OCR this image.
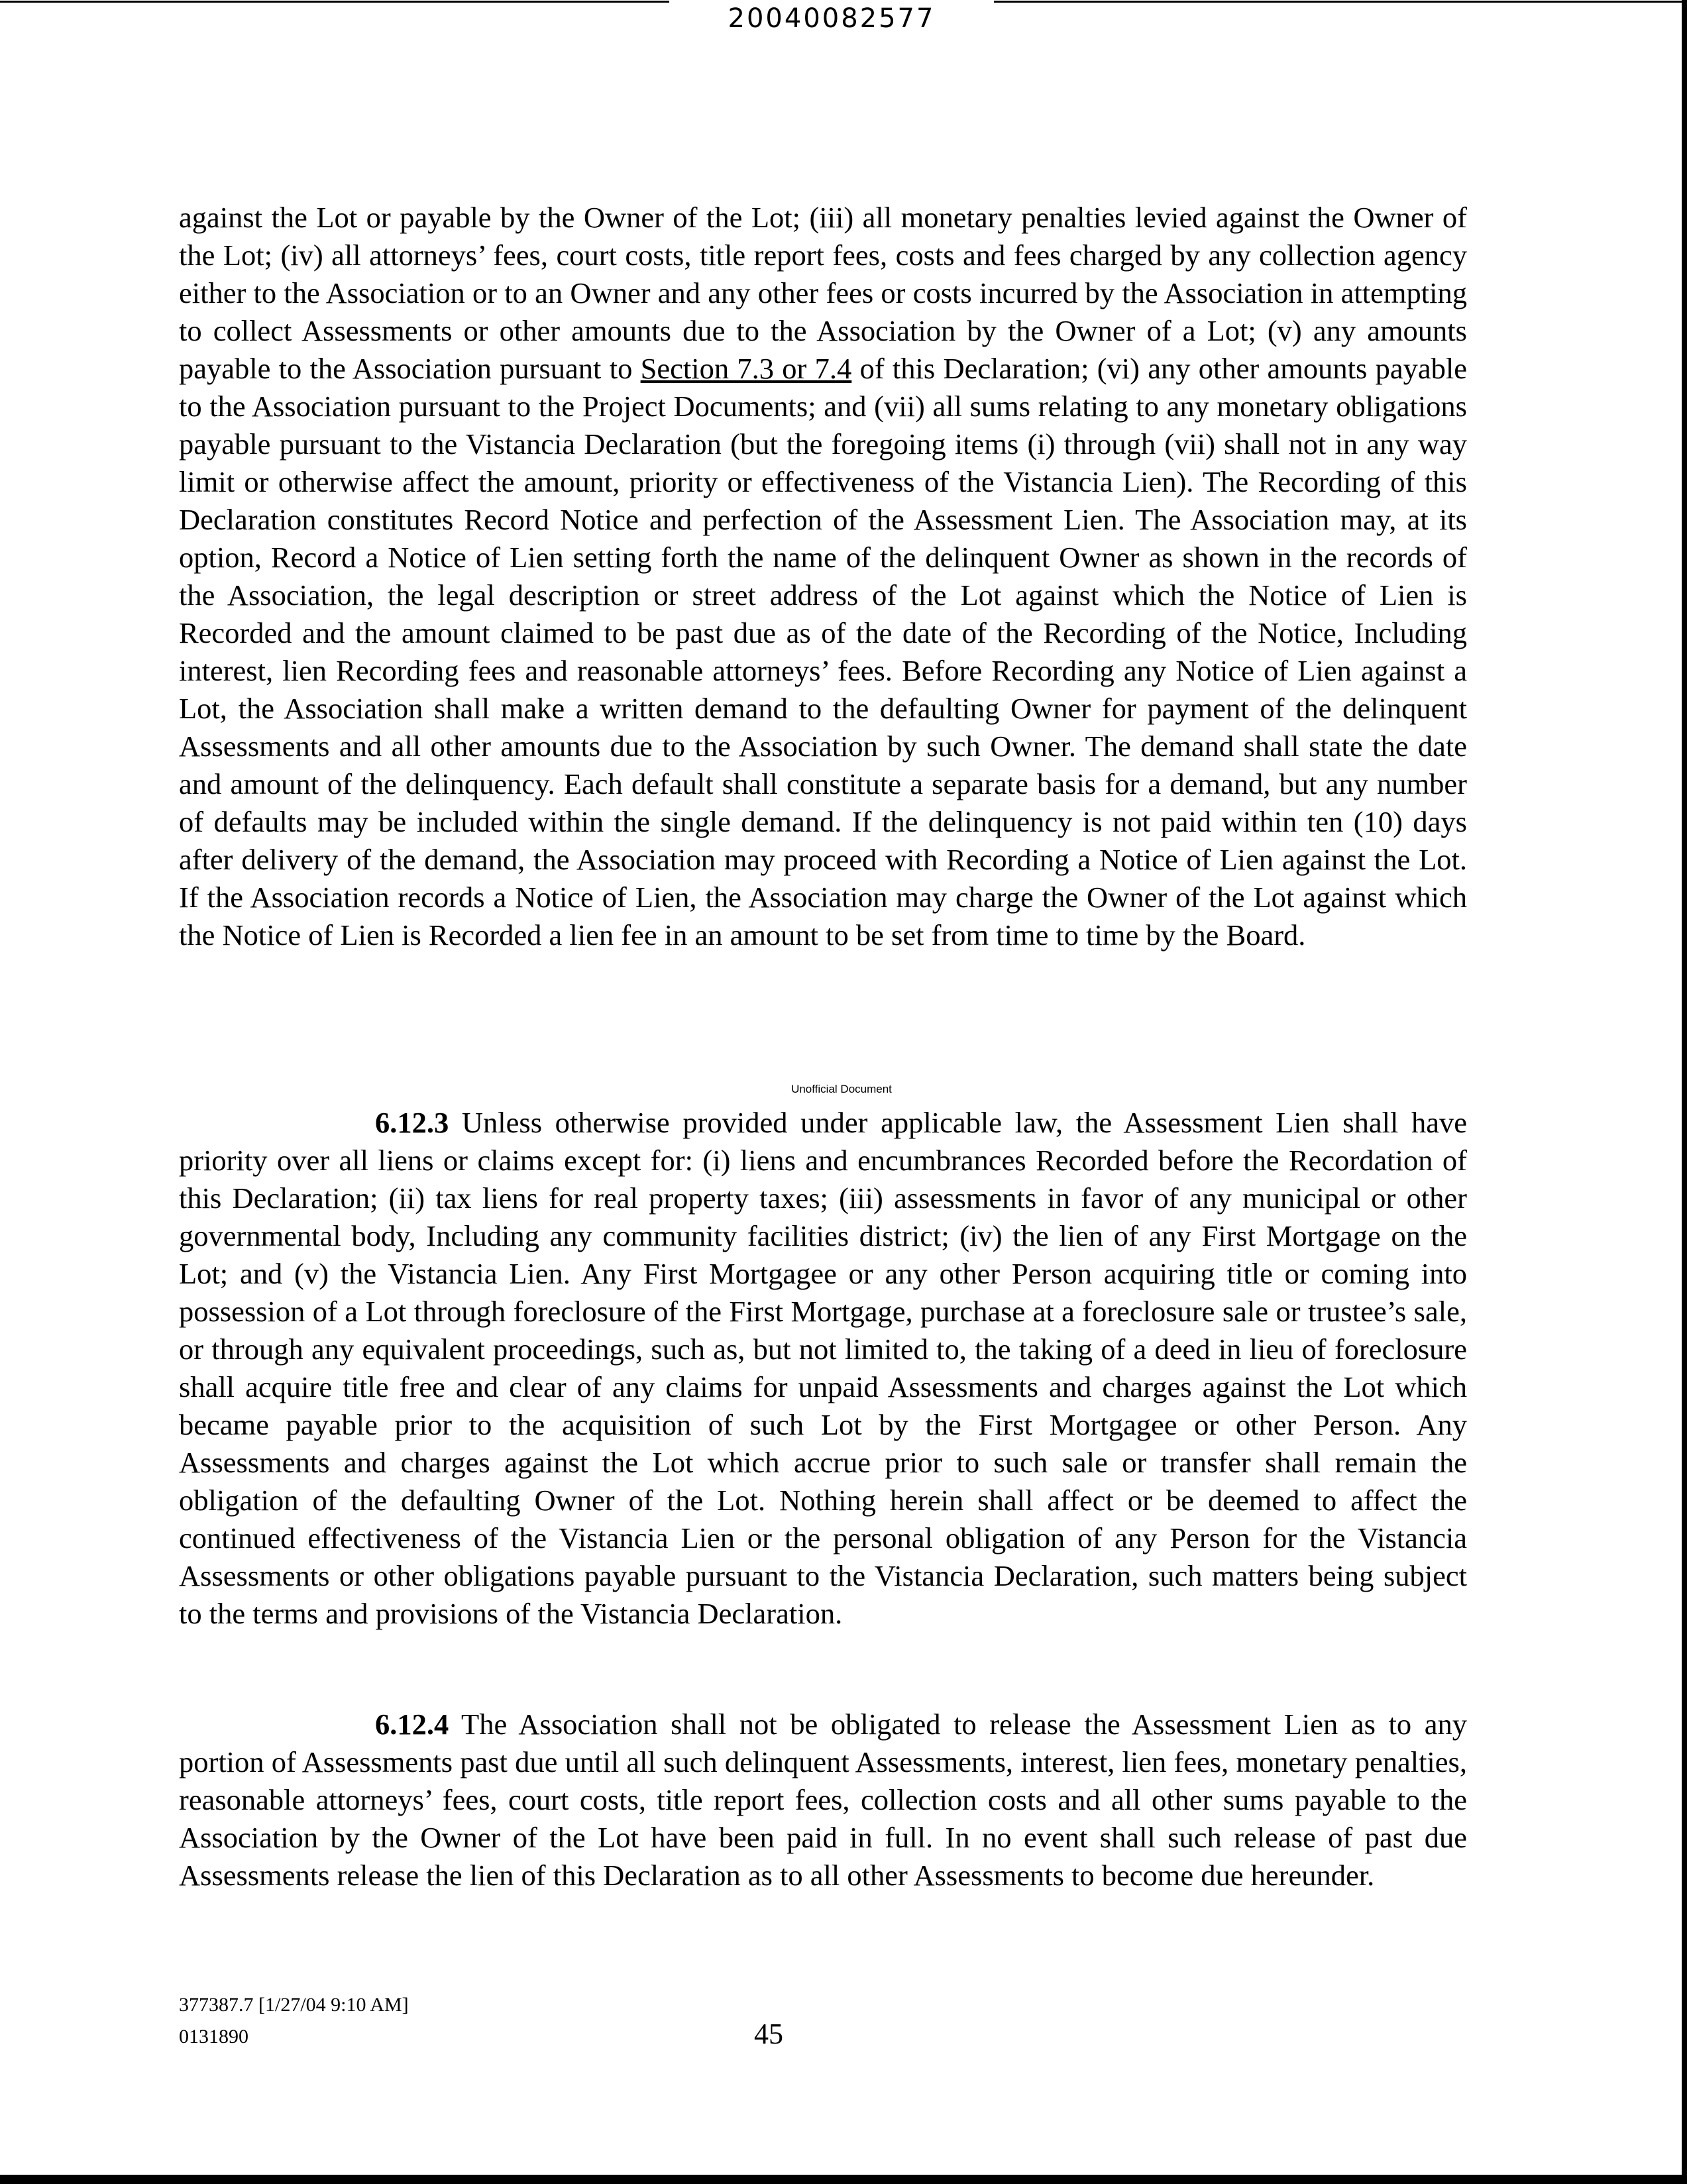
20040082577

against the Lot or payable by the Owner of the Lot; (iii) all monetary penalties levied against the Owner of the Lot; (iv) all attorneys’ fees, court costs, title report fees, costs and fees charged by any collection agency either to the Association or to an Owner and any other fees or costs incurred by the Association in attempting to collect Assessments or other amounts due to the Association by the Owner of a Lot; (v) any amounts payable to the Association pursuant to Section 7.3 or 7.4 of this Declaration; (vi) any other amounts payable to the Association pursuant to the Project Documents; and (vii) all sums relating to any monetary obligations payable pursuant to the Vistancia Declaration (but the foregoing items (i) through (vii) shall not in any way limit or otherwise affect the amount, priority or effectiveness of the Vistancia Lien). The Recording of this Declaration constitutes Record Notice and perfection of the Assessment Lien. The Association may, at its option, Record a Notice of Lien setting forth the name of the delinquent Owner as shown in the records of the Association, the legal description or street address of the Lot against which the Notice of Lien is Recorded and the amount claimed to be past due as of the date of the Recording of the Notice, Including interest, lien Recording fees and reasonable attorneys’ fees. Before Recording any Notice of Lien against a Lot, the Association shall make a written demand to the defaulting Owner for payment of the delinquent Assessments and all other amounts due to the Association by such Owner. The demand shall state the date and amount of the delinquency. Each default shall constitute a separate basis for a demand, but any number of defaults may be included within the single demand. If the delinquency is not paid within ten (10) days after delivery of the demand, the Association may proceed with Recording a Notice of Lien against the Lot. If the Association records a Notice of Lien, the Association may charge the Owner of the Lot against which the Notice of Lien is Recorded a lien fee in an amount to be set from time to time by the Board.

Unofficial Document

6.12.3 Unless otherwise provided under applicable law, the Assessment Lien shall have priority over all liens or claims except for: (i) liens and encumbrances Recorded before the Recordation of this Declaration; (ii) tax liens for real property taxes; (iii) assessments in favor of any municipal or other governmental body, Including any community facilities district; (iv) the lien of any First Mortgage on the Lot; and (v) the Vistancia Lien. Any First Mortgagee or any other Person acquiring title or coming into possession of a Lot through foreclosure of the First Mortgage, purchase at a foreclosure sale or trustee’s sale, or through any equivalent proceedings, such as, but not limited to, the taking of a deed in lieu of foreclosure shall acquire title free and clear of any claims for unpaid Assessments and charges against the Lot which became payable prior to the acquisition of such Lot by the First Mortgagee or other Person. Any Assessments and charges against the Lot which accrue prior to such sale or transfer shall remain the obligation of the defaulting Owner of the Lot. Nothing herein shall affect or be deemed to affect the continued effectiveness of the Vistancia Lien or the personal obligation of any Person for the Vistancia Assessments or other obligations payable pursuant to the Vistancia Declaration, such matters being subject to the terms and provisions of the Vistancia Declaration.

6.12.4 The Association shall not be obligated to release the Assessment Lien as to any portion of Assessments past due until all such delinquent Assessments, interest, lien fees, monetary penalties, reasonable attorneys’ fees, court costs, title report fees, collection costs and all other sums payable to the Association by the Owner of the Lot have been paid in full. In no event shall such release of past due Assessments release the lien of this Declaration as to all other Assessments to become due hereunder.

377387.7 [1/27/04 9:10 AM]
0131890	45
